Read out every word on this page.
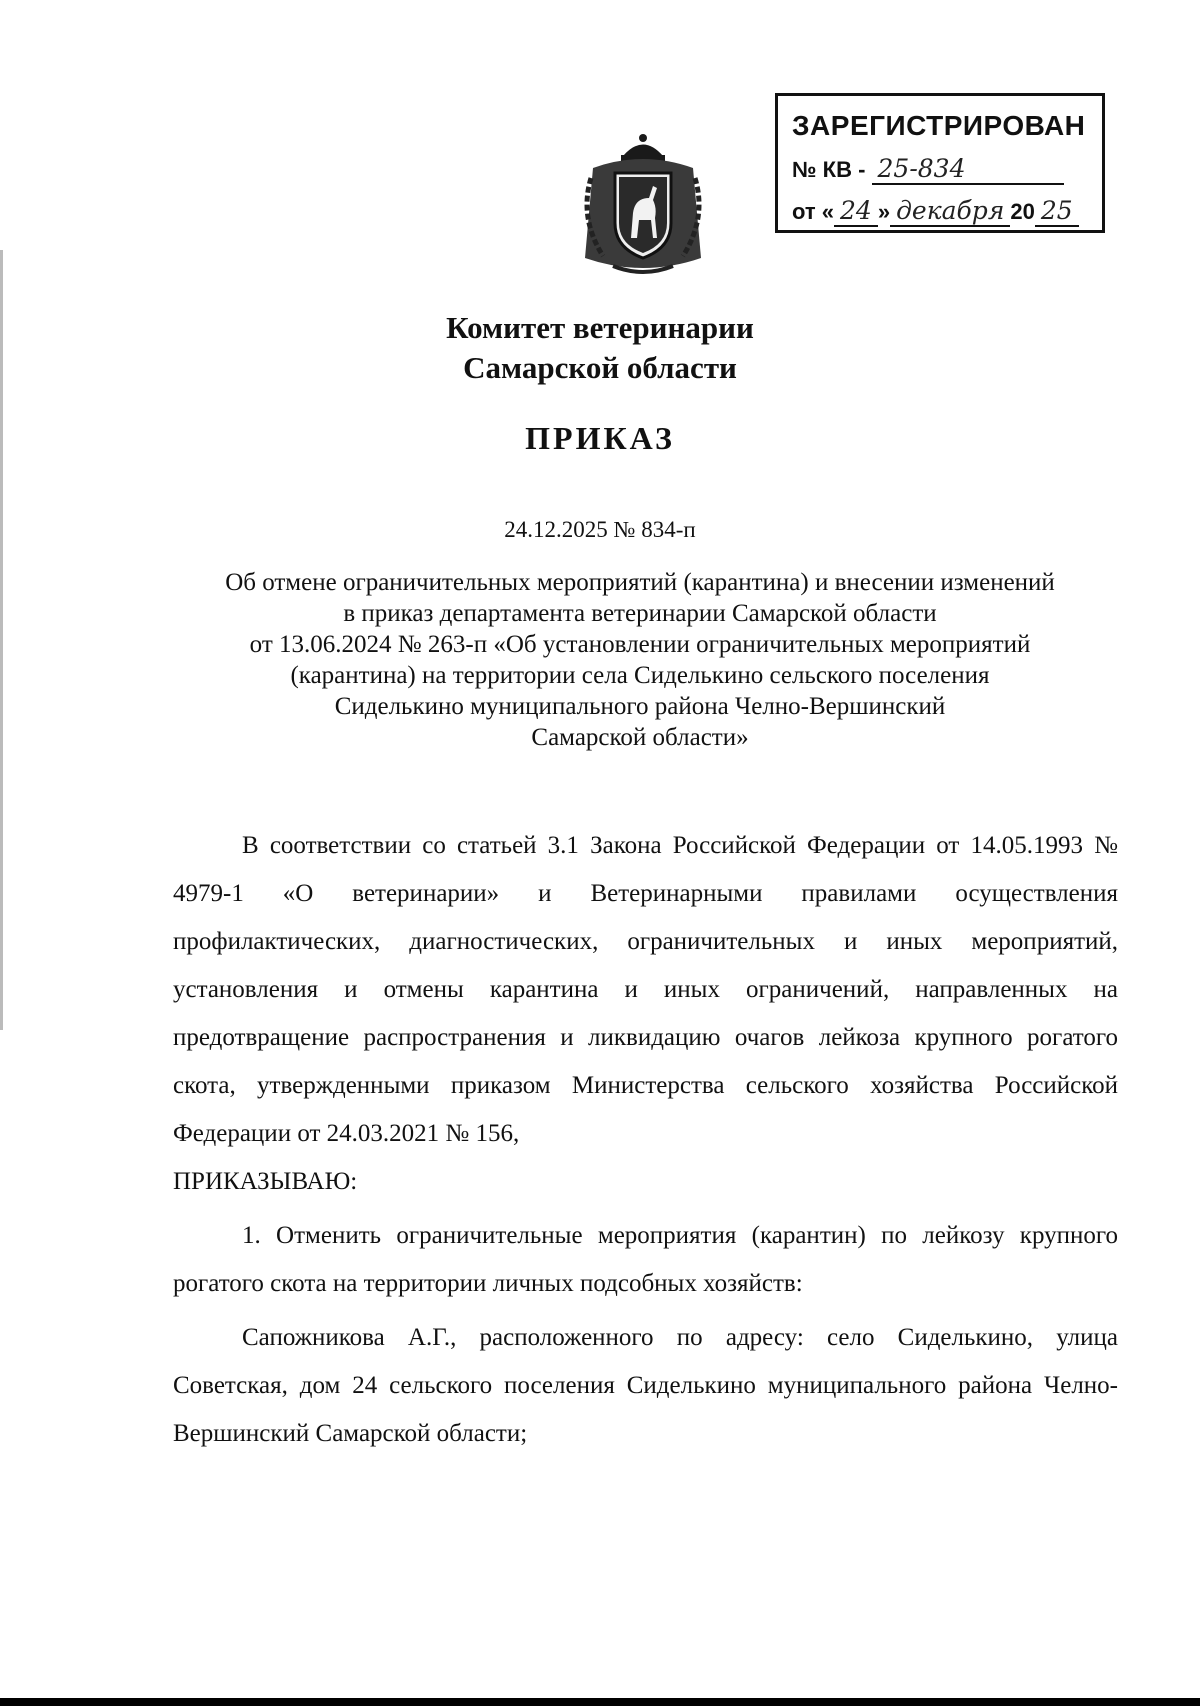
ЗАРЕГИСТРИРОВАН
№ КВ - 25-834
от « 24 » декабря 20 25
Комитет ветеринарии
Самарской области
ПРИКАЗ
24.12.2025 № 834-п
Об отмене ограничительных мероприятий (карантина) и внесении изменений
в приказ департамента ветеринарии Самарской области
от 13.06.2024 № 263-п «Об установлении ограничительных мероприятий
(карантина) на территории села Сиделькино сельского поселения
Сиделькино муниципального района Челно-Вершинский
Самарской области»

В соответствии со статьей 3.1 Закона Российской Федерации от 14.05.1993 № 4979-1 «О ветеринарии» и Ветеринарными правилами осуществления профилактических, диагностических, ограничительных и иных мероприятий, установления и отмены карантина и иных ограничений, направленных на предотвращение распространения и ликвидацию очагов лейкоза крупного рогатого скота, утвержденными приказом Министерства сельского хозяйства Российской Федерации от 24.03.2021 № 156,

ПРИКАЗЫВАЮ:

1. Отменить ограничительные мероприятия (карантин) по лейкозу крупного рогатого скота на территории личных подсобных хозяйств:

Сапожникова А.Г., расположенного по адресу: село Сиделькино, улица Советская, дом 24 сельского поселения Сиделькино муниципального района Челно-Вершинский Самарской области;
